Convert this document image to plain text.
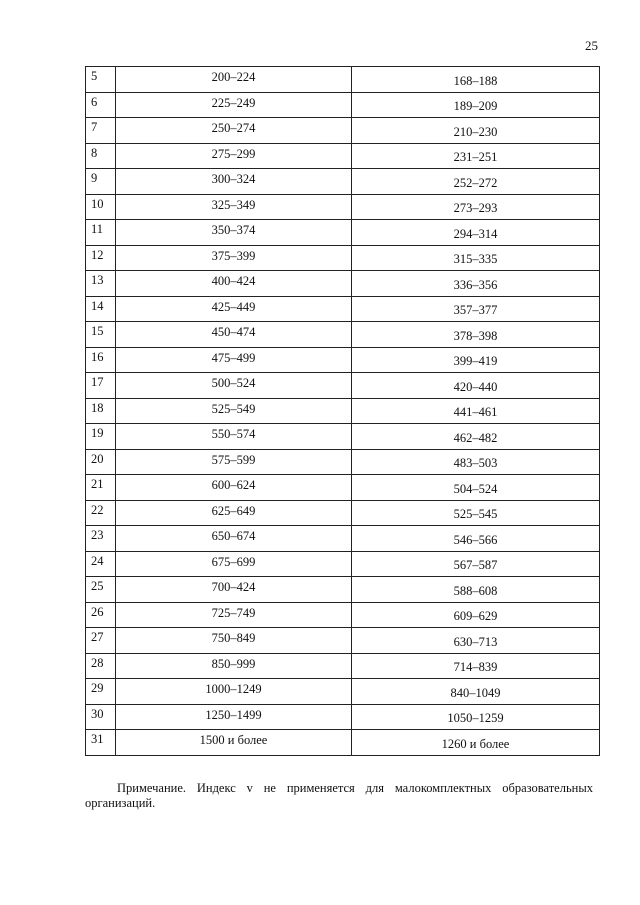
25
5	200–224	168–188
6	225–249	189–209
7	250–274	210–230
8	275–299	231–251
9	300–324	252–272
10	325–349	273–293
11	350–374	294–314
12	375–399	315–335
13	400–424	336–356
14	425–449	357–377
15	450–474	378–398
16	475–499	399–419
17	500–524	420–440
18	525–549	441–461
19	550–574	462–482
20	575–599	483–503
21	600–624	504–524
22	625–649	525–545
23	650–674	546–566
24	675–699	567–587
25	700–424	588–608
26	725–749	609–629
27	750–849	630–713
28	850–999	714–839
29	1000–1249	840–1049
30	1250–1499	1050–1259
31	1500 и более	1260 и более
Примечание. Индекс v не применяется для малокомплектных образовательных организаций.
